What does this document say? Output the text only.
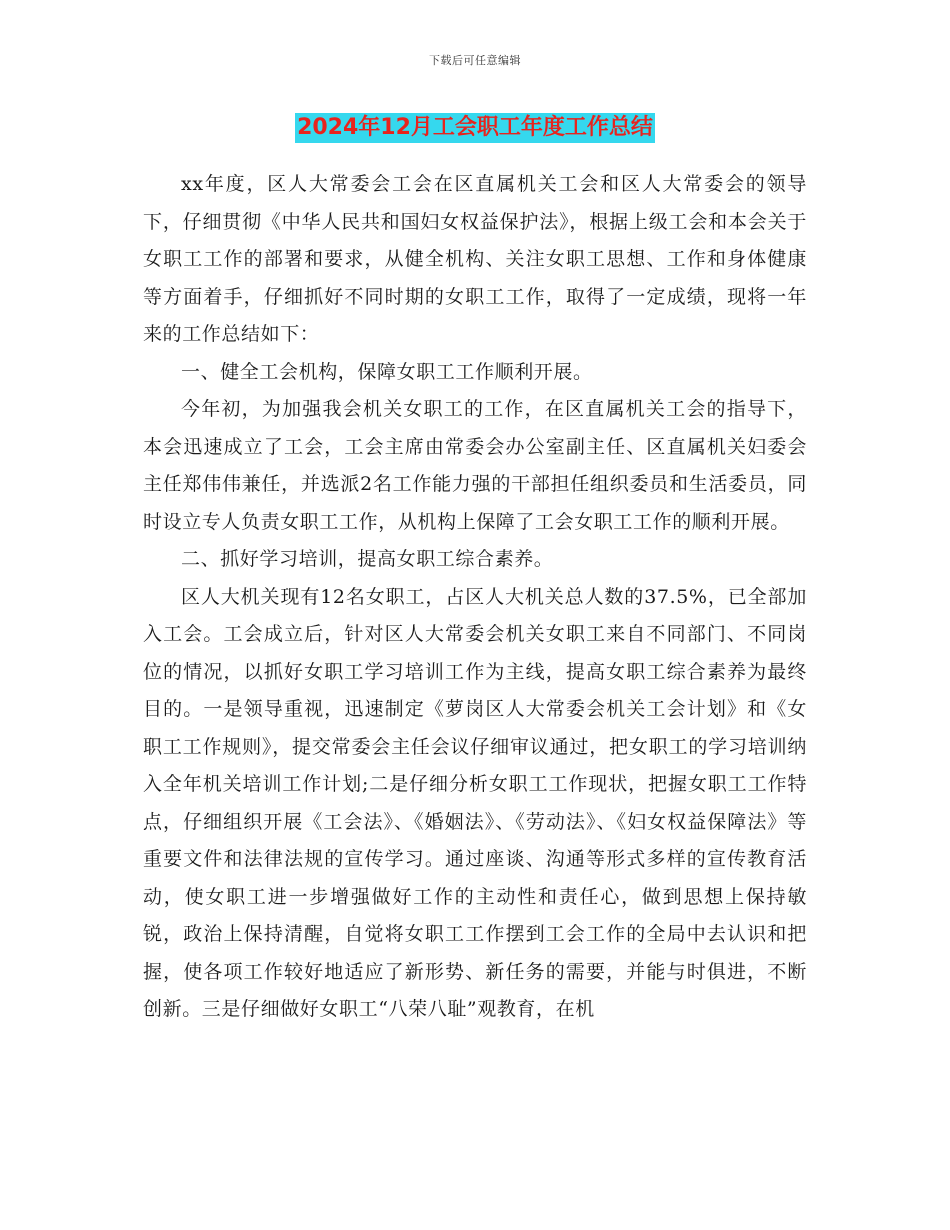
下载后可任意编辑
2024年12月工会职工年度工作总结

xx年度，区人大常委会工会在区直属机关工会和区人大常委会的领导下，仔细贯彻《中华人民共和国妇女权益保护法》，根据上级工会和本会关于女职工工作的部署和要求，从健全机构、关注女职工思想、工作和身体健康等方面着手，仔细抓好不同时期的女职工工作，取得了一定成绩，现将一年来的工作总结如下：

一、健全工会机构，保障女职工工作顺利开展。

今年初，为加强我会机关女职工的工作，在区直属机关工会的指导下，本会迅速成立了工会，工会主席由常委会办公室副主任、区直属机关妇委会主任郑伟伟兼任，并选派2名工作能力强的干部担任组织委员和生活委员，同时设立专人负责女职工工作，从机构上保障了工会女职工工作的顺利开展。

二、抓好学习培训，提高女职工综合素养。

区人大机关现有12名女职工，占区人大机关总人数的37.5%，已全部加入工会。工会成立后，针对区人大常委会机关女职工来自不同部门、不同岗位的情况，以抓好女职工学习培训工作为主线，提高女职工综合素养为最终目的。一是领导重视，迅速制定《萝岗区人大常委会机关工会计划》和《女职工工作规则》，提交常委会主任会议仔细审议通过，把女职工的学习培训纳入全年机关培训工作计划;二是仔细分析女职工工作现状，把握女职工工作特点，仔细组织开展《工会法》、《婚姻法》、《劳动法》、《妇女权益保障法》等重要文件和法律法规的宣传学习。通过座谈、沟通等形式多样的宣传教育活动，使女职工进一步增强做好工作的主动性和责任心，做到思想上保持敏锐，政治上保持清醒，自觉将女职工工作摆到工会工作的全局中去认识和把握，使各项工作较好地适应了新形势、新任务的需要，并能与时俱进，不断创新。三是仔细做好女职工“八荣八耻”观教育，在机
